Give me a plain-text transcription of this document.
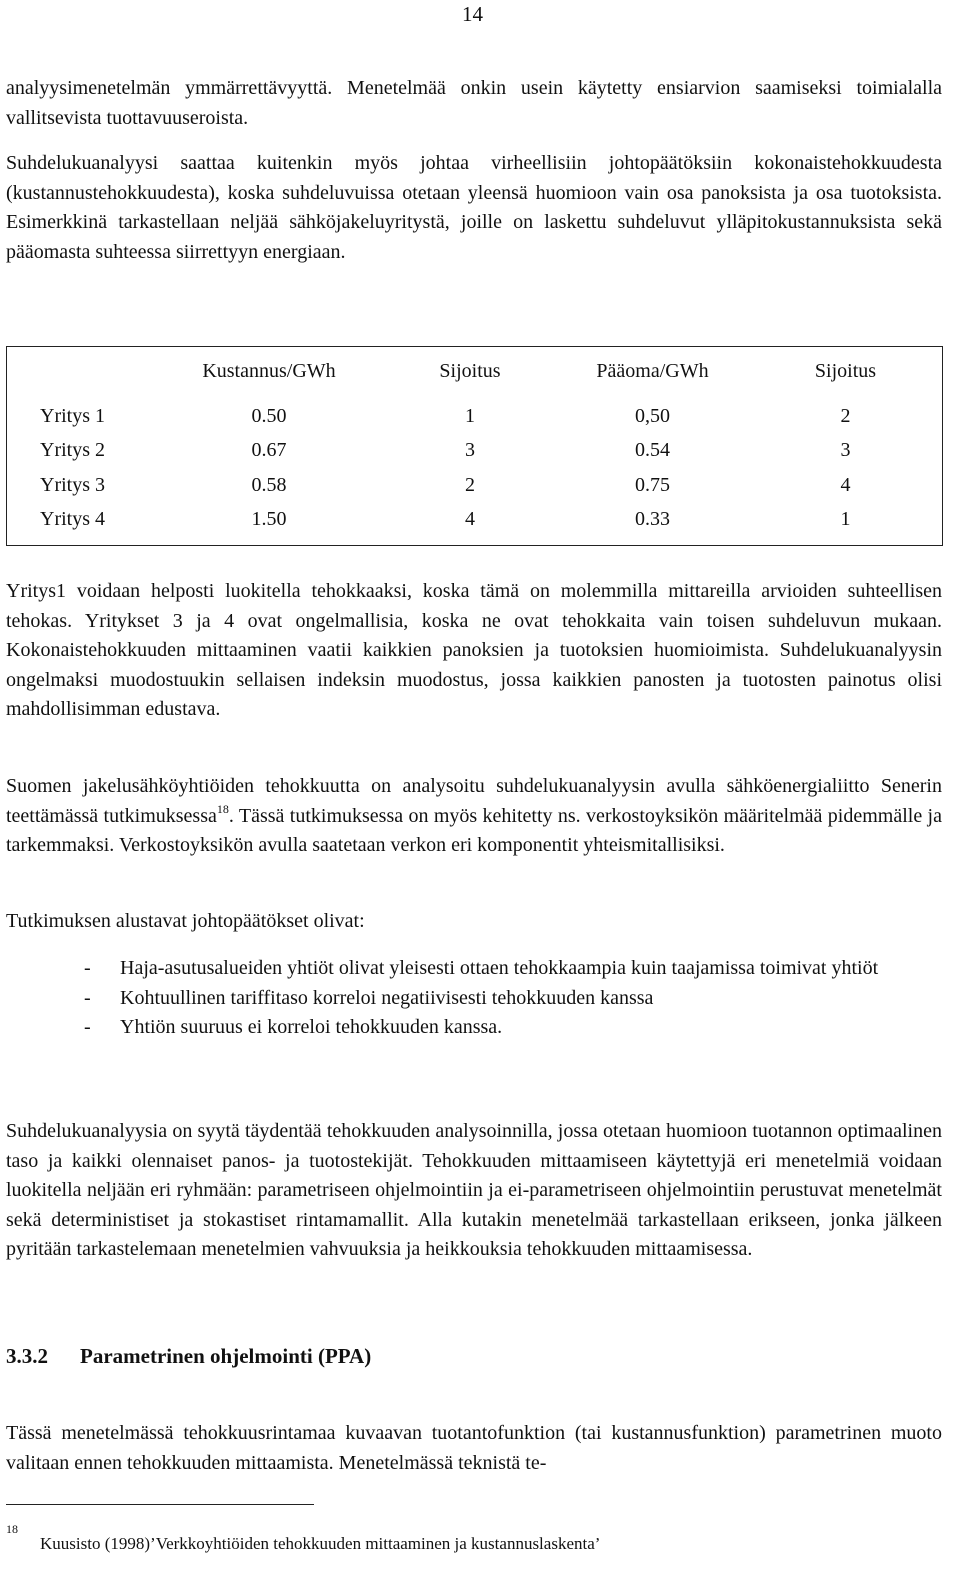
14

analyysimenetelmän ymmärrettävyyttä. Menetelmää onkin usein käytetty ensiarvion saamiseksi toimialalla vallitsevista tuottavuuseroista.

Suhdelukuanalyysi saattaa kuitenkin myös johtaa virheellisiin johtopäätöksiin kokonaistehokkuudesta (kustannustehokkuudesta), koska suhdeluvuissa otetaan yleensä huomioon vain osa panoksista ja osa tuotoksista. Esimerkkinä tarkastellaan neljää sähköjakeluyritystä, joille on laskettu suhdeluvut ylläpitokustannuksista sekä pääomasta suhteessa siirrettyyn energiaan.

	Kustannus/GWh	Sijoitus	Pääoma/GWh	Sijoitus
Yritys 1	0.50	1	0,50	2
Yritys 2	0.67	3	0.54	3
Yritys 3	0.58	2	0.75	4
Yritys 4	1.50	4	0.33	1

Yritys1 voidaan helposti luokitella tehokkaaksi, koska tämä on molemmilla mittareilla arvioiden suhteellisen tehokas. Yritykset 3 ja 4 ovat ongelmallisia, koska ne ovat tehokkaita vain toisen suhdeluvun mukaan. Kokonaistehokkuuden mittaaminen vaatii kaikkien panoksien ja tuotoksien huomioimista. Suhdelukuanalyysin ongelmaksi muodostuukin sellaisen indeksin muodostus, jossa kaikkien panosten ja tuotosten painotus olisi mahdollisimman edustava.

Suomen jakelusähköyhtiöiden tehokkuutta on analysoitu suhdelukuanalyysin avulla sähköenergialiitto Senerin teettämässä tutkimuksessa$^{18}$. Tässä tutkimuksessa on myös kehitetty ns. verkostoyksikön määritelmää pidemmälle ja tarkemmaksi. Verkostoyksikön avulla saatetaan verkon eri komponentit yhteismitallisiksi.

Tutkimuksen alustavat johtopäätökset olivat:

- Haja-asutusalueiden yhtiöt olivat yleisesti ottaen tehokkaampia kuin taajamissa toimivat yhtiöt
- Kohtuullinen tariffitaso korreloi negatiivisesti tehokkuuden kanssa
- Yhtiön suuruus ei korreloi tehokkuuden kanssa.

Suhdelukuanalyysia on syytä täydentää tehokkuuden analysoinnilla, jossa otetaan huomioon tuotannon optimaalinen taso ja kaikki olennaiset panos- ja tuotostekijät. Tehokkuuden mittaamiseen käytettyjä eri menetelmiä voidaan luokitella neljään eri ryhmään: parametriseen ohjelmointiin ja ei-parametriseen ohjelmointiin perustuvat menetelmät sekä deterministiset ja stokastiset rintamamallit. Alla kutakin menetelmää tarkastellaan erikseen, jonka jälkeen pyritään tarkastelemaan menetelmien vahvuuksia ja heikkouksia tehokkuuden mittaamisessa.

3.3.2 Parametrinen ohjelmointi (PPA)

Tässä menetelmässä tehokkuusrintamaa kuvaavan tuotantofunktion (tai kustannusfunktion) parametrinen muoto valitaan ennen tehokkuuden mittaamista. Menetelmässä teknistä te-

18
Kuusisto (1998)’Verkkoyhtiöiden tehokkuuden mittaaminen ja kustannuslaskenta’
